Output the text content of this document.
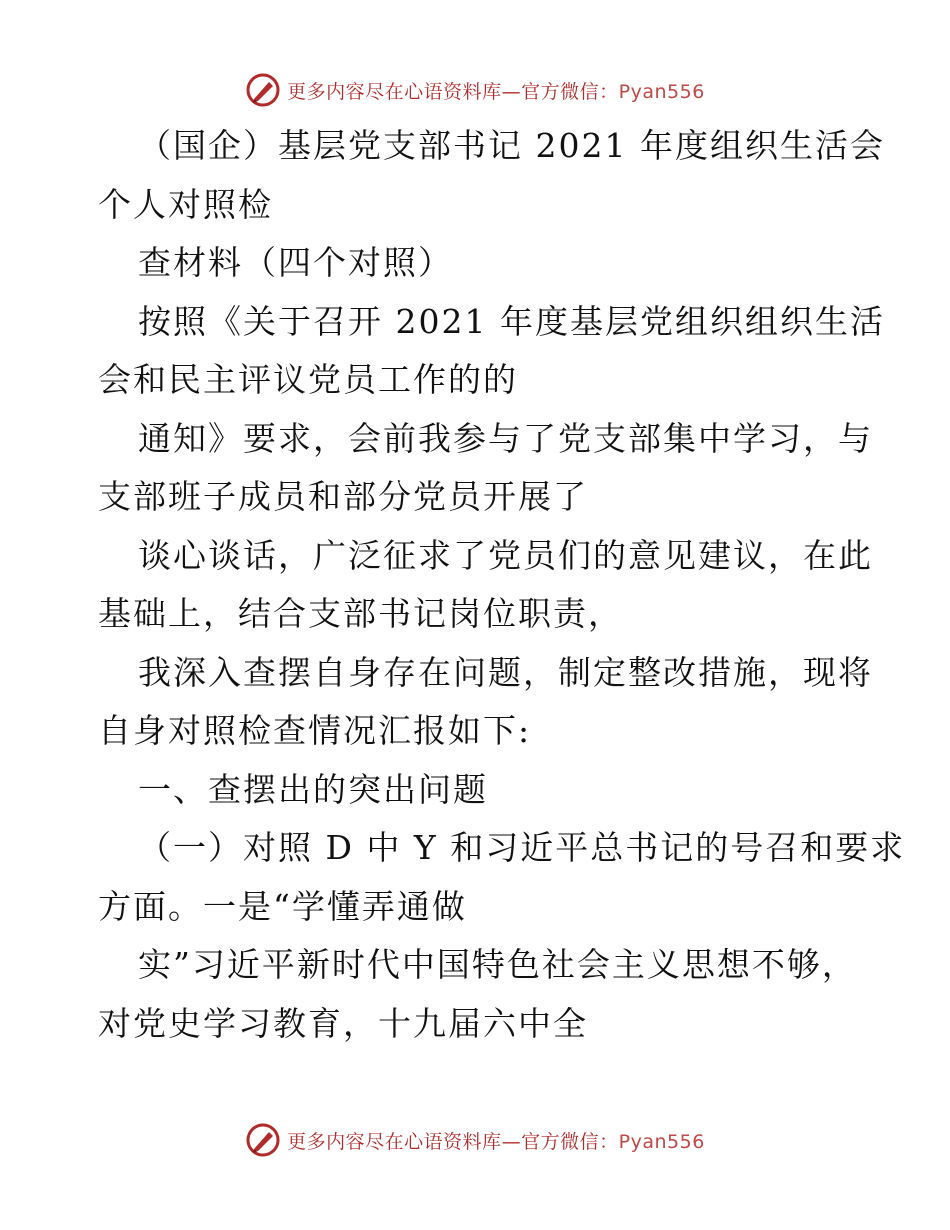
更多内容尽在心语资料库—官方微信：Pyan556
（国企）基层党支部书记 2021 年度组织生活会
个人对照检
查材料（四个对照）
按照《关于召开 2021 年度基层党组织组织生活
会和民主评议党员工作的的
通知》要求，会前我参与了党支部集中学习，与
支部班子成员和部分党员开展了
谈心谈话，广泛征求了党员们的意见建议，在此
基础上，结合支部书记岗位职责，
我深入查摆自身存在问题，制定整改措施，现将
自身对照检查情况汇报如下:
一、查摆出的突出问题
（一）对照 D 中 Y 和习近平总书记的号召和要求
方面。一是“学懂弄通做
实”习近平新时代中国特色社会主义思想不够，
对党史学习教育，十九届六中全
更多内容尽在心语资料库—官方微信：Pyan556
